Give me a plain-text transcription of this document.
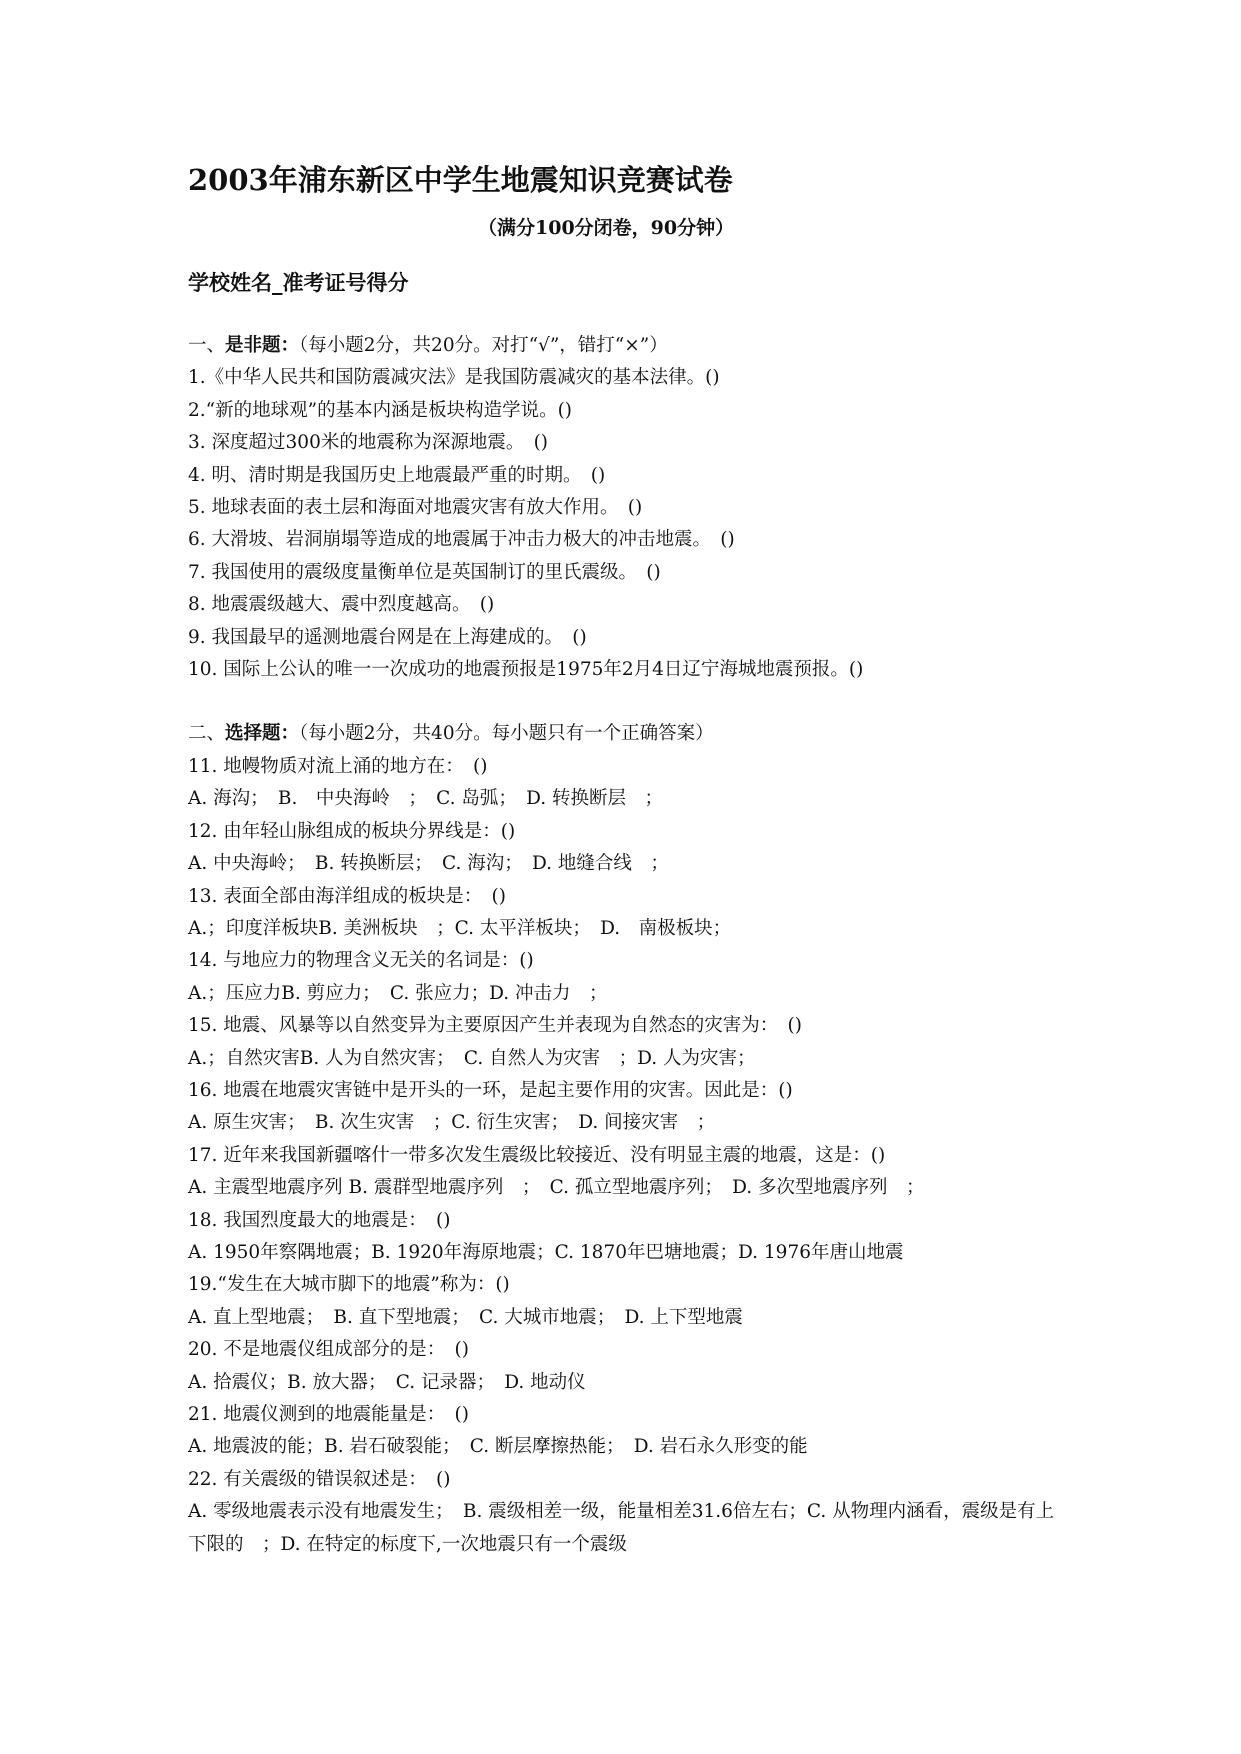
2003年浦东新区中学生地震知识竞赛试卷
（满分100分闭卷，90分钟）
学校姓名_准考证号得分
一、是非题：（每小题2分，共20分。对打“√”，错打“×”）
1.《中华人民共和国防震减灾法》是我国防震减灾的基本法律。()
2.“新的地球观”的基本内涵是板块构造学说。()
3. 深度超过300米的地震称为深源地震。　()
4. 明、清时期是我国历史上地震最严重的时期。　()
5. 地球表面的表土层和海面对地震灾害有放大作用。　()
6. 大滑坡、岩洞崩塌等造成的地震属于冲击力极大的冲击地震。　()
7. 我国使用的震级度量衡单位是英国制订的里氏震级。　()
8. 地震震级越大、震中烈度越高。　()
9. 我国最早的遥测地震台网是在上海建成的。　()
10. 国际上公认的唯一一次成功的地震预报是1975年2月4日辽宁海城地震预报。()
二、选择题：（每小题2分，共40分。每小题只有一个正确答案）
11. 地幔物质对流上涌的地方在：　()
A. 海沟；　B.　中央海岭　；　C. 岛弧；　D. 转换断层　；
12. 由年轻山脉组成的板块分界线是：()
A. 中央海岭；　B. 转换断层；　C. 海沟；　D. 地缝合线　；
13. 表面全部由海洋组成的板块是：　()
A.；印度洋板块B. 美洲板块　；C. 太平洋板块；　D.　南极板块；
14. 与地应力的物理含义无关的名词是：()
A.；压应力B. 剪应力；　C. 张应力；D. 冲击力　；
15. 地震、风暴等以自然变异为主要原因产生并表现为自然态的灾害为：　()
A.；自然灾害B. 人为自然灾害；　C. 自然人为灾害　；D. 人为灾害；
16. 地震在地震灾害链中是开头的一环，是起主要作用的灾害。因此是：()
A. 原生灾害；　B. 次生灾害　；C. 衍生灾害；　D. 间接灾害　；
17. 近年来我国新疆喀什一带多次发生震级比较接近、没有明显主震的地震，这是：()
A. 主震型地震序列 B. 震群型地震序列　；　C. 孤立型地震序列；　D. 多次型地震序列　；
18. 我国烈度最大的地震是：　()
A. 1950年察隅地震；B. 1920年海原地震；C. 1870年巴塘地震；D. 1976年唐山地震
19.“发生在大城市脚下的地震”称为：()
A. 直上型地震；　B. 直下型地震；　C. 大城市地震；　D. 上下型地震
20. 不是地震仪组成部分的是：　()
A. 拾震仪；B. 放大器；　C. 记录器；　D. 地动仪
21. 地震仪测到的地震能量是：　()
A. 地震波的能；B. 岩石破裂能；　C. 断层摩擦热能；　D. 岩石永久形变的能
22. 有关震级的错误叙述是：　()
A. 零级地震表示没有地震发生；　B. 震级相差一级，能量相差31.6倍左右；C. 从物理内涵看，震级是有上下限的　；D. 在特定的标度下,一次地震只有一个震级
